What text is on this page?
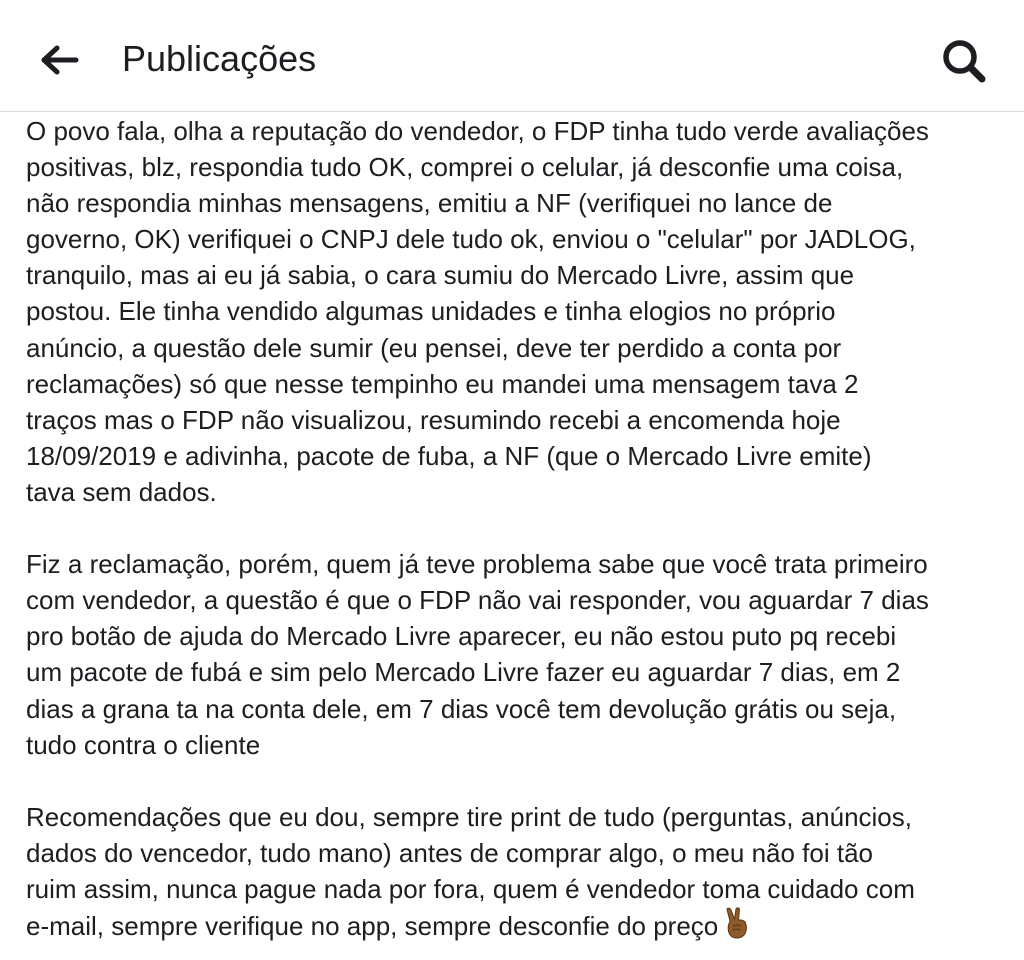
Publicações

O povo fala, olha a reputação do vendedor, o FDP tinha tudo verde avaliações
positivas, blz, respondia tudo OK, comprei o celular, já desconfie uma coisa,
não respondia minhas mensagens, emitiu a NF (verifiquei no lance de
governo, OK) verifiquei o CNPJ dele tudo ok, enviou o "celular" por JADLOG,
tranquilo, mas ai eu já sabia, o cara sumiu do Mercado Livre, assim que
postou. Ele tinha vendido algumas unidades e tinha elogios no próprio
anúncio, a questão dele sumir (eu pensei, deve ter perdido a conta por
reclamações) só que nesse tempinho eu mandei uma mensagem tava 2
traços mas o FDP não visualizou, resumindo recebi a encomenda hoje
18/09/2019 e adivinha, pacote de fuba, a NF (que o Mercado Livre emite)
tava sem dados.

Fiz a reclamação, porém, quem já teve problema sabe que você trata primeiro
com vendedor, a questão é que o FDP não vai responder, vou aguardar 7 dias
pro botão de ajuda do Mercado Livre aparecer, eu não estou puto pq recebi
um pacote de fubá e sim pelo Mercado Livre fazer eu aguardar 7 dias, em 2
dias a grana ta na conta dele, em 7 dias você tem devolução grátis ou seja,
tudo contra o cliente

Recomendações que eu dou, sempre tire print de tudo (perguntas, anúncios,
dados do vencedor, tudo mano) antes de comprar algo, o meu não foi tão
ruim assim, nunca pague nada por fora, quem é vendedor toma cuidado com
e-mail, sempre verifique no app, sempre desconfie do preço
